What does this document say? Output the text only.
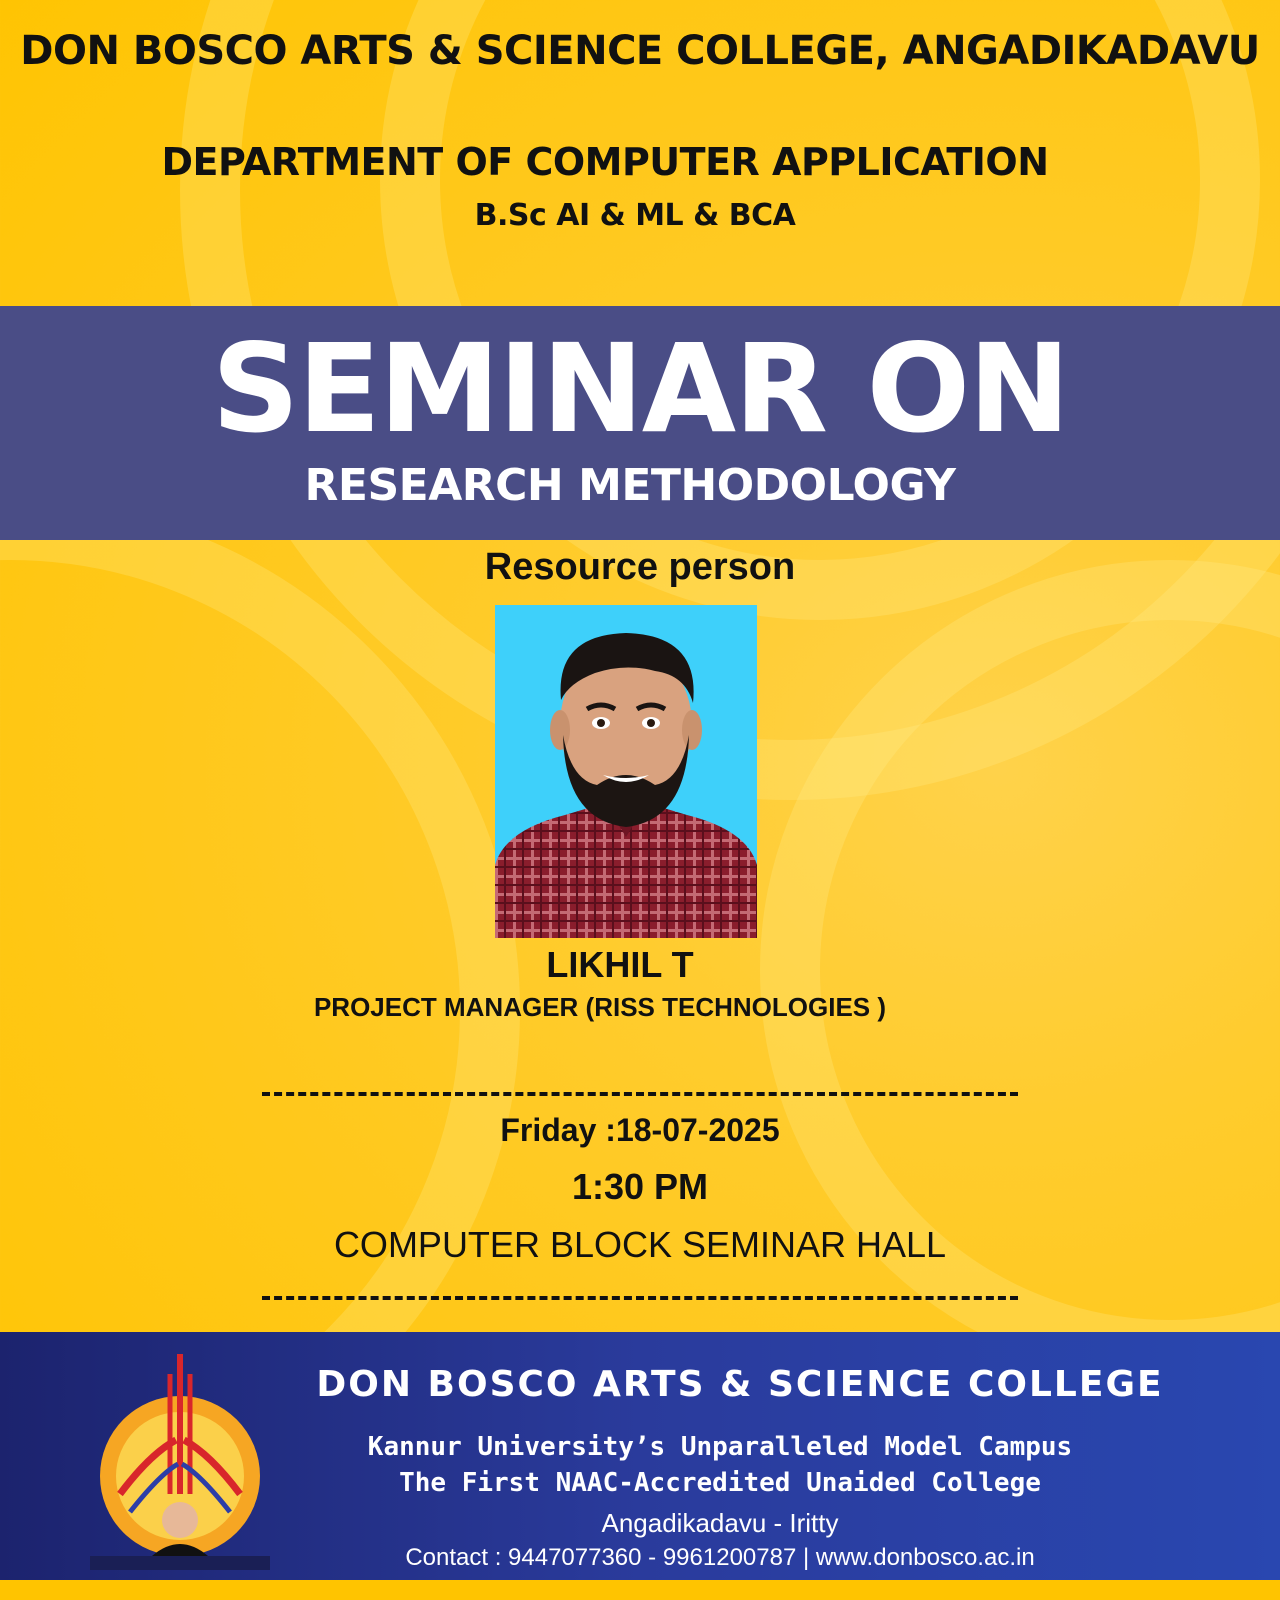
DON BOSCO ARTS & SCIENCE COLLEGE, ANGADIKADAVU
DEPARTMENT OF COMPUTER APPLICATION
B.Sc AI & ML & BCA
SEMINAR ON
RESEARCH METHODOLOGY
Resource person
LIKHIL T
PROJECT MANAGER (RISS TECHNOLOGIES )
Friday :18-07-2025
1:30 PM
COMPUTER BLOCK SEMINAR HALL
DON BOSCO ARTS & SCIENCE COLLEGE
Kannur University’s Unparalleled Model Campus
The First NAAC-Accredited Unaided College
Angadikadavu - Iritty
Contact : 9447077360 - 9961200787 | www.donbosco.ac.in
